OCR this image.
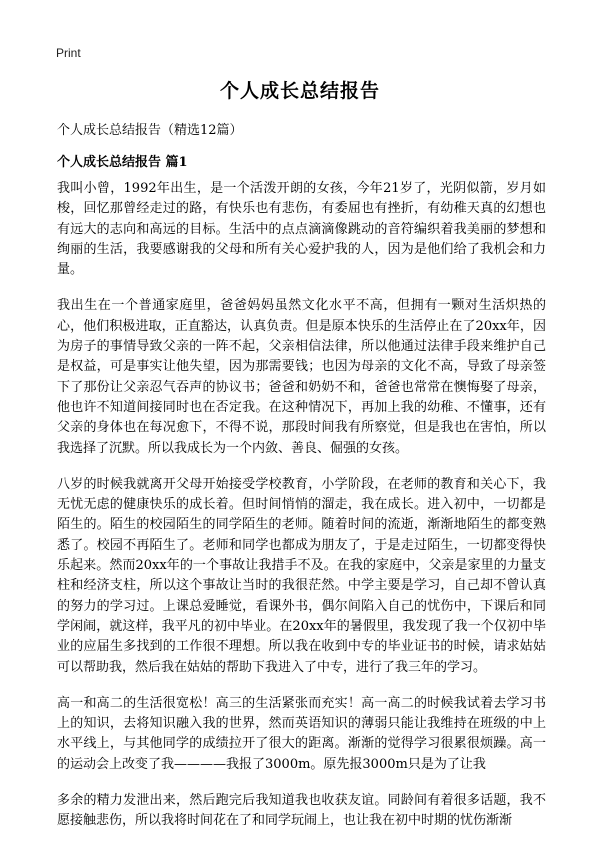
Print
个人成长总结报告
个人成长总结报告（精选12篇）
个人成长总结报告 篇1

我叫小曾，1992年出生，是一个活泼开朗的女孩，今年21岁了，光阴似箭，岁月如梭，回忆那曾经走过的路，有快乐也有悲伤，有委屈也有挫折，有幼稚天真的幻想也有远大的志向和高远的目标。生活中的点点滴滴像跳动的音符编织着我美丽的梦想和绚丽的生活，我要感谢我的父母和所有关心爱护我的人，因为是他们给了我机会和力量。

我出生在一个普通家庭里，爸爸妈妈虽然文化水平不高，但拥有一颗对生活炽热的心，他们积极进取，正直豁达，认真负责。但是原本快乐的生活停止在了20xx年，因为房子的事情导致父亲的一阵不起，父亲相信法律，所以他通过法律手段来维护自己是权益，可是事实让他失望，因为那需要钱；也因为母亲的文化不高，导致了母亲签下了那份让父亲忍气吞声的协议书；爸爸和奶奶不和，爸爸也常常在懊悔娶了母亲，他也许不知道间接同时也在否定我。在这种情况下，再加上我的幼稚、不懂事，还有父亲的身体也在每况愈下，不得不说，那段时间我有所察觉，但是我也在害怕，所以我选择了沉默。所以我成长为一个内敛、善良、倔强的女孩。

八岁的时候我就离开父母开始接受学校教育，小学阶段，在老师的教育和关心下，我无忧无虑的健康快乐的成长着。但时间悄悄的溜走，我在成长。进入初中，一切都是陌生的。陌生的校园陌生的同学陌生的老师。随着时间的流逝，渐渐地陌生的都变熟悉了。校园不再陌生了。老师和同学也都成为朋友了，于是走过陌生，一切都变得快乐起来。然而20xx年的一个事故让我措手不及。在我的家庭中，父亲是家里的力量支柱和经济支柱，所以这个事故让当时的我很茫然。中学主要是学习，自己却不曾认真的努力的学习过。上课总爱睡觉，看课外书，偶尔间陷入自己的忧伤中，下课后和同学闲闹，就这样，我平凡的初中毕业。在20xx年的暑假里，我发现了我一个仅初中毕业的应届生多找到的工作很不理想。所以我在收到中专的毕业证书的时候，请求姑姑可以帮助我，然后我在姑姑的帮助下我进入了中专，进行了我三年的学习。

高一和高二的生活很宽松！高三的生活紧张而充实！高一高二的时候我试着去学习书上的知识，去将知识融入我的世界，然而英语知识的薄弱只能让我维持在班级的中上水平线上，与其他同学的成绩拉开了很大的距离。渐渐的觉得学习很累很烦躁。高一的运动会上改变了我————我报了3000m。原先报3000m只是为了让我

多余的精力发泄出来，然后跑完后我知道我也收获友谊。同龄间有着很多话题，我不愿接触悲伤，所以我将时间花在了和同学玩闹上，也让我在初中时期的忧伤渐渐
